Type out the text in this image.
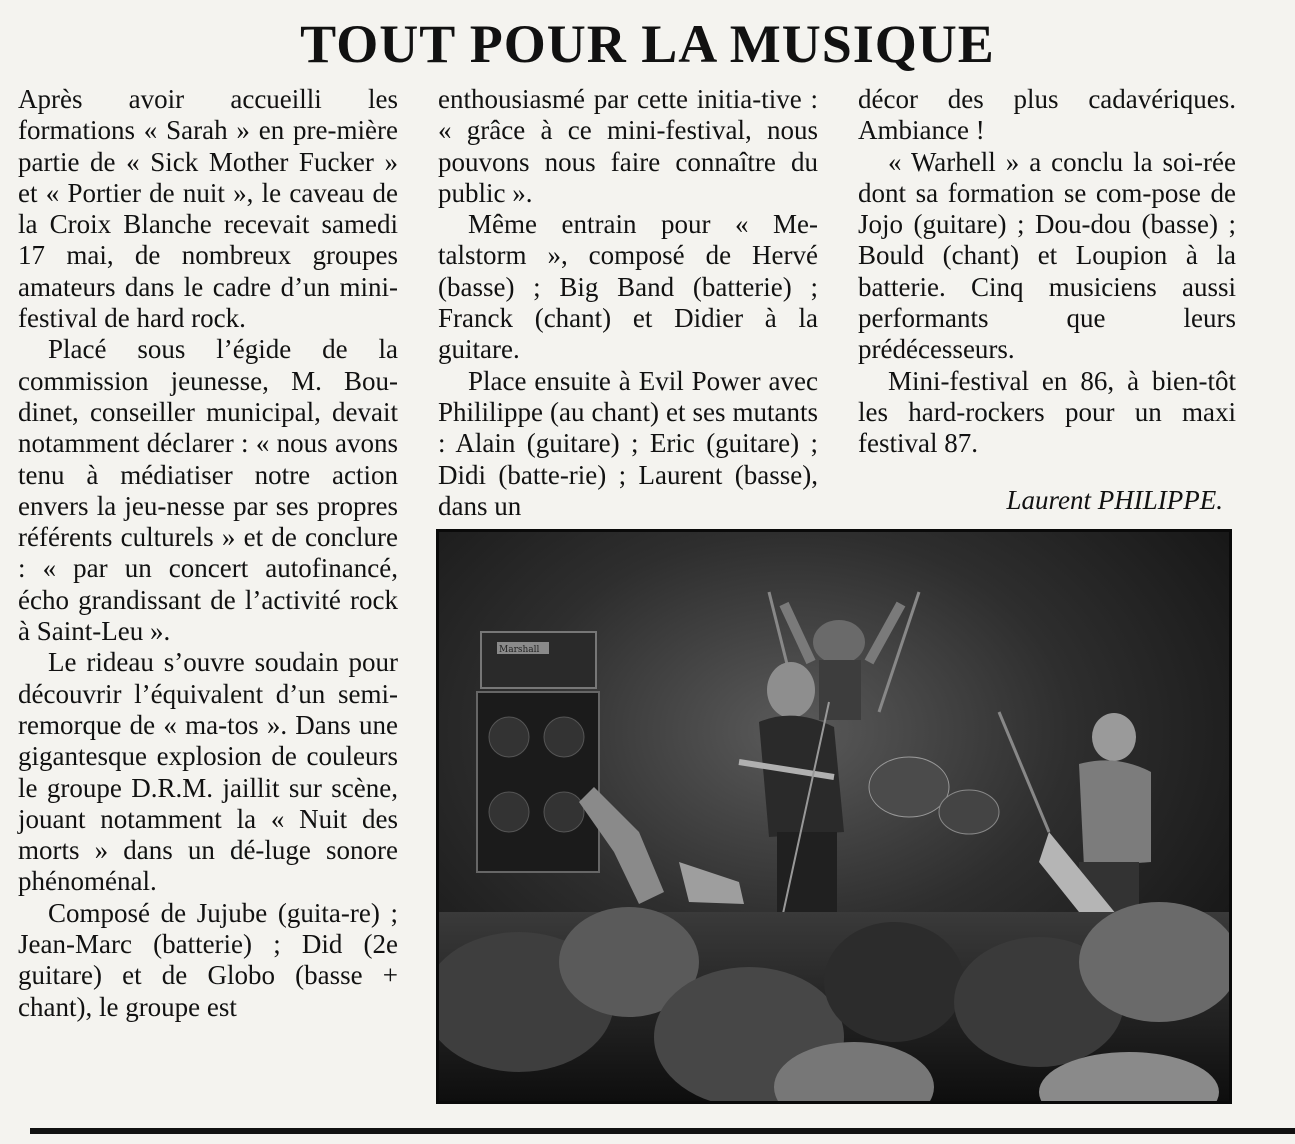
TOUT POUR LA MUSIQUE

Après avoir accueilli les formations « Sarah » en pre-mière partie de « Sick Mother Fucker » et « Portier de nuit », le caveau de la Croix Blanche recevait samedi 17 mai, de nombreux groupes amateurs dans le cadre d’un mini-festival de hard rock.

Placé sous l’égide de la commission jeunesse, M. Bou-dinet, conseiller municipal, devait notamment déclarer : « nous avons tenu à médiatiser notre action envers la jeu-nesse par ses propres référents culturels » et de conclure : « par un concert autofinancé, écho grandissant de l’activité rock à Saint-Leu ».

Le rideau s’ouvre soudain pour découvrir l’équivalent d’un semi-remorque de « ma-tos ». Dans une gigantesque explosion de couleurs le groupe D.R.M. jaillit sur scène, jouant notamment la « Nuit des morts » dans un dé-luge sonore phénoménal.

Composé de Jujube (guita-re) ; Jean-Marc (batterie) ; Did (2e guitare) et de Globo (basse + chant), le groupe est

enthousiasmé par cette initia-tive : « grâce à ce mini-festival, nous pouvons nous faire connaître du public ».

Même entrain pour « Me-talstorm », composé de Hervé (basse) ; Big Band (batterie) ; Franck (chant) et Didier à la guitare.

Place ensuite à Evil Power avec Phililippe (au chant) et ses mutants : Alain (guitare) ; Eric (guitare) ; Didi (batte-rie) ; Laurent (basse), dans un

décor des plus cadavériques. Ambiance !

« Warhell » a conclu la soi-rée dont sa formation se com-pose de Jojo (guitare) ; Dou-dou (basse) ; Bould (chant) et Loupion à la batterie. Cinq musiciens aussi performants que leurs prédécesseurs.

Mini-festival en 86, à bien-tôt les hard-rockers pour un maxi festival 87.

Laurent PHILIPPE.
Marshall
